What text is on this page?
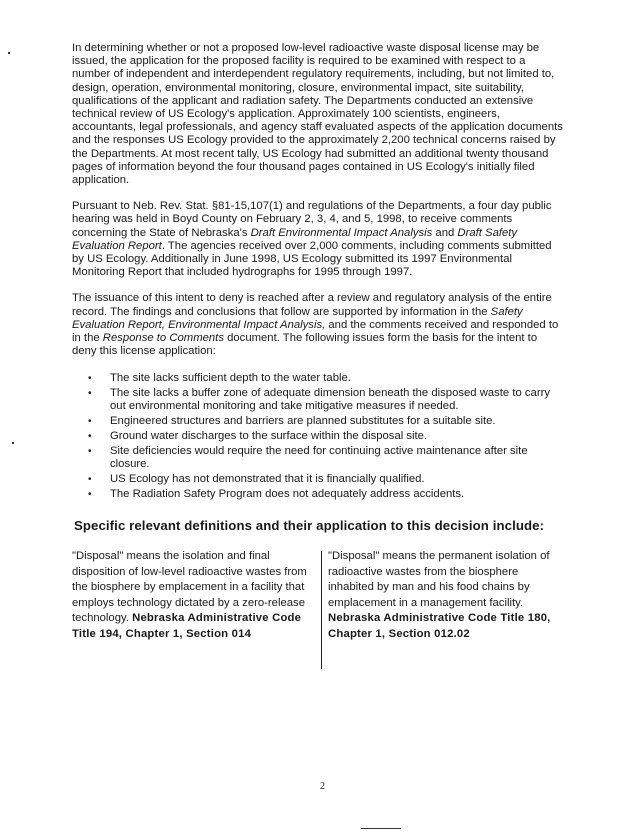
In determining whether or not a proposed low-level radioactive waste disposal license may be issued, the application for the proposed facility is required to be examined with respect to a number of independent and interdependent regulatory requirements, including, but not limited to, design, operation, environmental monitoring, closure, environmental impact, site suitability, qualifications of the applicant and radiation safety. The Departments conducted an extensive technical review of US Ecology's application. Approximately 100 scientists, engineers, accountants, legal professionals, and agency staff evaluated aspects of the application documents and the responses US Ecology provided to the approximately 2,200 technical concerns raised by the Departments. At most recent tally, US Ecology had submitted an additional twenty thousand pages of information beyond the four thousand pages contained in US Ecology's initially filed application.

Pursuant to Neb. Rev. Stat. §81-15,107(1) and regulations of the Departments, a four day public hearing was held in Boyd County on February 2, 3, 4, and 5, 1998, to receive comments concerning the State of Nebraska's Draft Environmental Impact Analysis and Draft Safety Evaluation Report. The agencies received over 2,000 comments, including comments submitted by US Ecology. Additionally in June 1998, US Ecology submitted its 1997 Environmental Monitoring Report that included hydrographs for 1995 through 1997.

The issuance of this intent to deny is reached after a review and regulatory analysis of the entire record. The findings and conclusions that follow are supported by information in the Safety Evaluation Report, Environmental Impact Analysis, and the comments received and responded to in the Response to Comments document. The following issues form the basis for the intent to deny this license application:

• The site lacks sufficient depth to the water table.
• The site lacks a buffer zone of adequate dimension beneath the disposed waste to carry out environmental monitoring and take mitigative measures if needed.
• Engineered structures and barriers are planned substitutes for a suitable site.
• Ground water discharges to the surface within the disposal site.
• Site deficiencies would require the need for continuing active maintenance after site closure.
• US Ecology has not demonstrated that it is financially qualified.
• The Radiation Safety Program does not adequately address accidents.
Specific relevant definitions and their application to this decision include:
"Disposal" means the isolation and final disposition of low-level radioactive wastes from the biosphere by emplacement in a facility that employs technology dictated by a zero-release technology. Nebraska Administrative Code Title 194, Chapter 1, Section 014
"Disposal" means the permanent isolation of radioactive wastes from the biosphere inhabited by man and his food chains by emplacement in a management facility. Nebraska Administrative Code Title 180, Chapter 1, Section 012.02
2
